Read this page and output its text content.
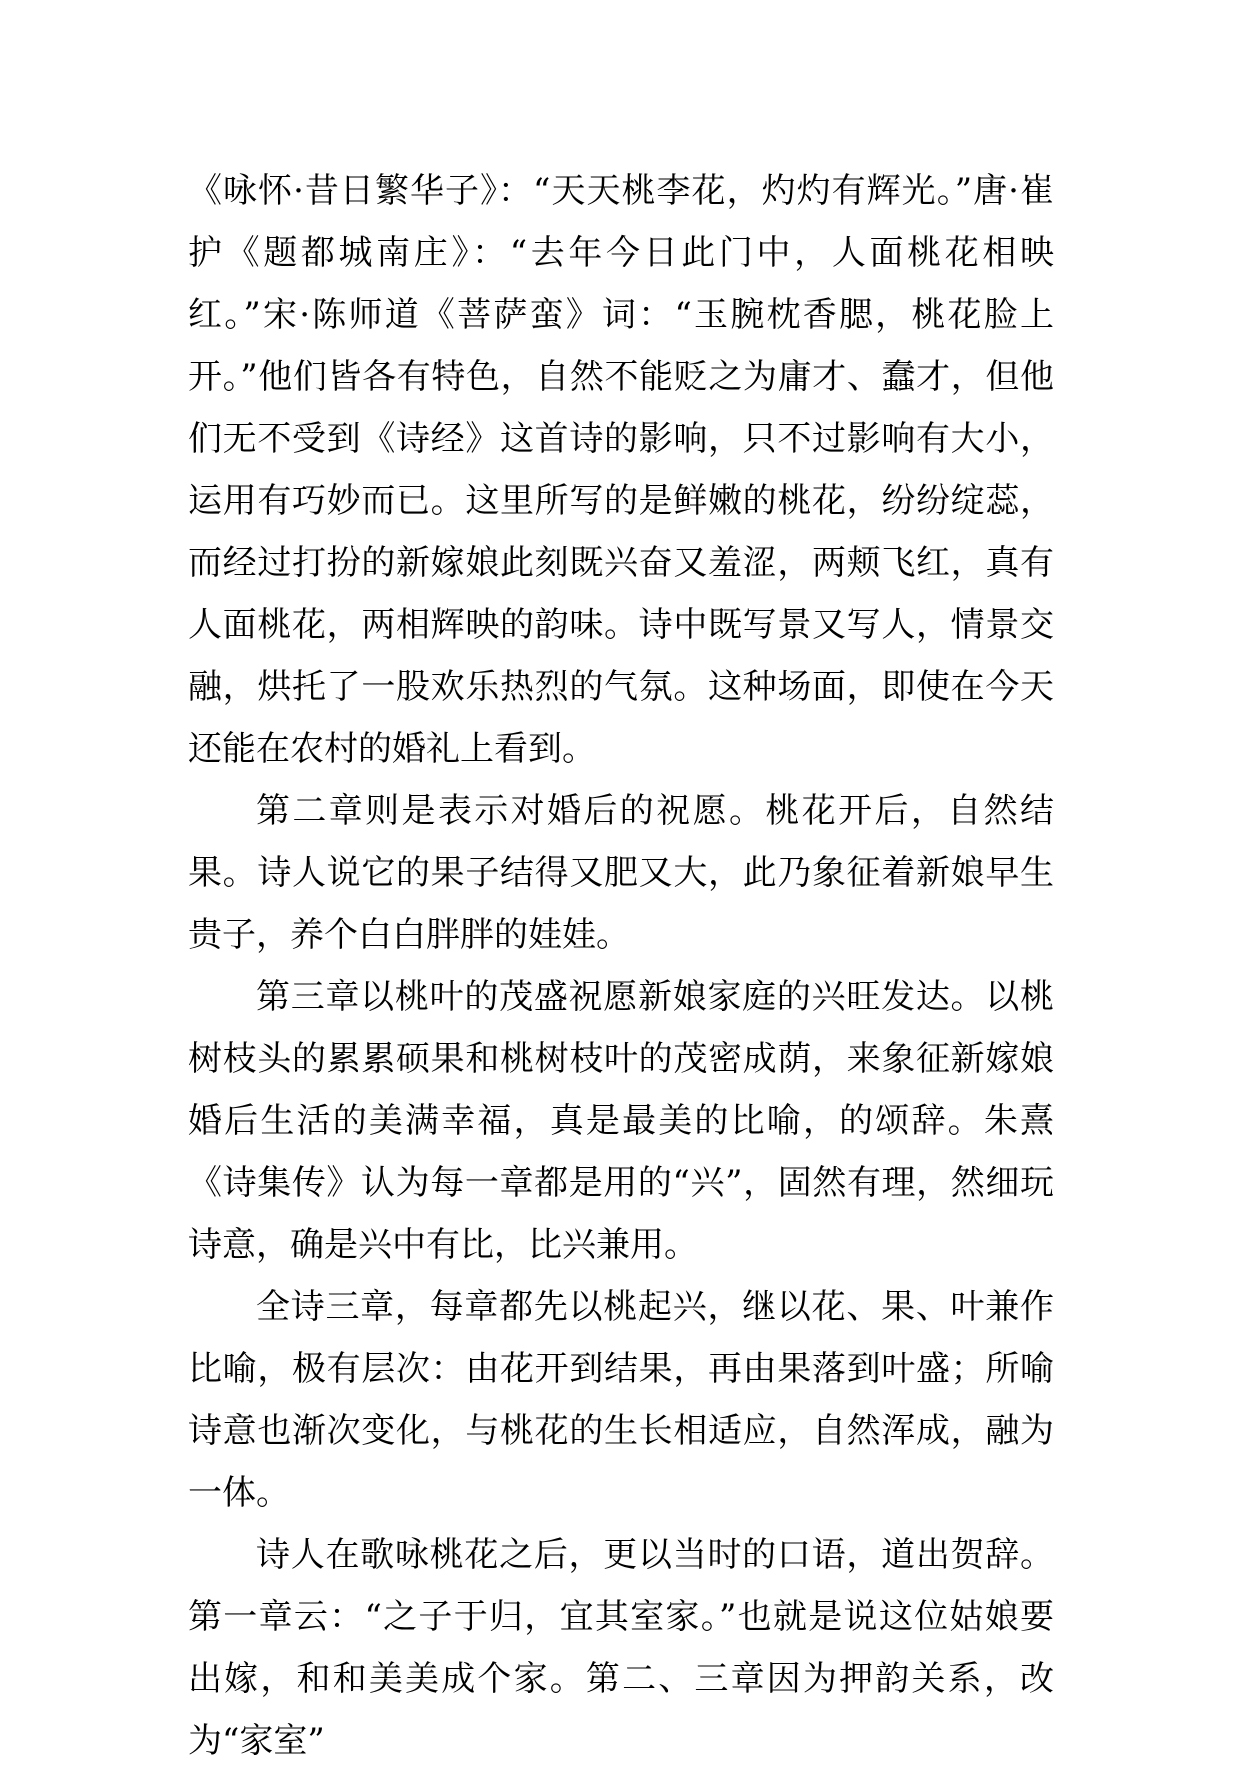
《咏怀·昔日繁华子》：“天天桃李花，灼灼有辉光。”唐·崔护《题都城南庄》：“去年今日此门中，人面桃花相映红。”宋·陈师道《菩萨蛮》词：“玉腕枕香腮，桃花脸上开。”他们皆各有特色，自然不能贬之为庸才、蠢才，但他们无不受到《诗经》这首诗的影响，只不过影响有大小，运用有巧妙而已。这里所写的是鲜嫩的桃花，纷纷绽蕊，而经过打扮的新嫁娘此刻既兴奋又羞涩，两颊飞红，真有人面桃花，两相辉映的韵味。诗中既写景又写人，情景交融，烘托了一股欢乐热烈的气氛。这种场面，即使在今天还能在农村的婚礼上看到。

第二章则是表示对婚后的祝愿。桃花开后，自然结果。诗人说它的果子结得又肥又大，此乃象征着新娘早生贵子，养个白白胖胖的娃娃。

第三章以桃叶的茂盛祝愿新娘家庭的兴旺发达。以桃树枝头的累累硕果和桃树枝叶的茂密成荫，来象征新嫁娘婚后生活的美满幸福，真是最美的比喻，的颂辞。朱熹《诗集传》认为每一章都是用的“兴”，固然有理，然细玩诗意，确是兴中有比，比兴兼用。

全诗三章，每章都先以桃起兴，继以花、果、叶兼作比喻，极有层次：由花开到结果，再由果落到叶盛；所喻诗意也渐次变化，与桃花的生长相适应，自然浑成，融为一体。

诗人在歌咏桃花之后，更以当时的口语，道出贺辞。第一章云：“之子于归，宜其室家。”也就是说这位姑娘要出嫁，和和美美成个家。第二、三章因为押韵关系，改为“家室”
